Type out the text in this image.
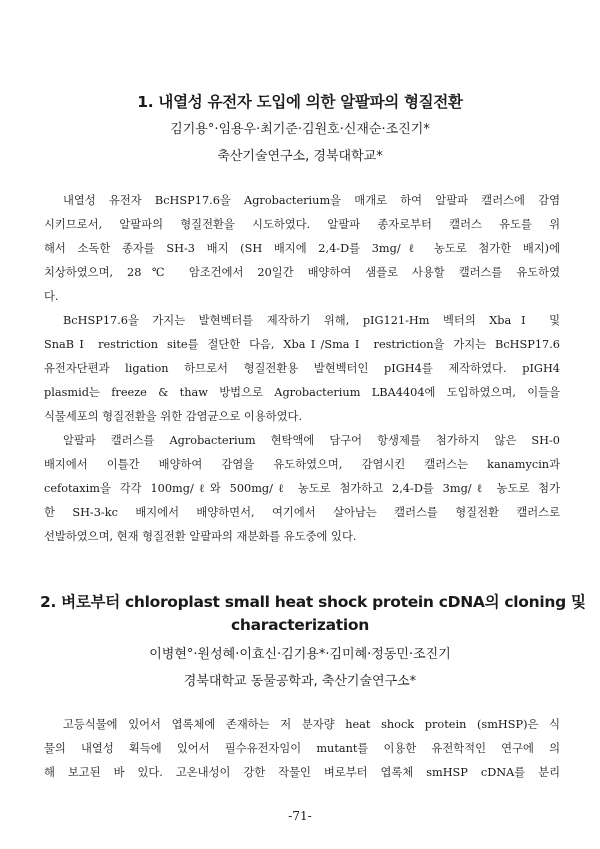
1. 내열성 유전자 도입에 의한 알팔파의 형질전환
김기용°·임용우·최기준·김원호·신재순·조진기*
축산기술연구소, 경북대학교*
내열성 유전자 BcHSP17.6을 Agrobacterium을 매개로 하여 알팔파 캘러스에 감염
시키므로서, 알팔파의 형질전환을 시도하였다. 알팔파 종자로부터 캘러스 유도를 위
해서 소독한 종자를 SH-3 배지 (SH 배지에 2,4-D를 3mg/ℓ 농도로 첨가한 배지)에
치상하였으며, 28℃ 암조건에서 20일간 배양하여 샘플로 사용할 캘러스를 유도하였
다.
BcHSP17.6을 가지는 발현벡터를 제작하기 위해, pIG121-Hm 벡터의 XbaⅠ 및
SnaBⅠ restriction site를 절단한 다음, XbaⅠ/SmaⅠ restriction을 가지는 BcHSP17.6
유전자단편과 ligation 하므로서 형질전환용 발현벡터인 pIGH4를 제작하였다. pIGH4
plasmid는 freeze & thaw 방법으로 Agrobacterium LBA4404에 도입하였으며, 이들을
식물세포의 형질전환을 위한 감염균으로 이용하였다.
알팔파 캘러스를 Agrobacterium 현탁액에 담구어 항생제를 첨가하지 않은 SH-0
배지에서 이틀간 배양하여 감염을 유도하였으며, 감염시킨 캘러스는 kanamycin과
cefotaxim을 각각 100mg/ℓ와 500mg/ℓ 농도로 첨가하고 2,4-D를 3mg/ℓ 농도로 첨가
한 SH-3-kc 배지에서 배양하면서, 여기에서 살아남는 캘러스를 형질전환 캘러스로
선발하였으며, 현재 형질전환 알팔파의 재분화를 유도중에 있다.
2. 벼로부터 chloroplast small heat shock protein cDNA의 cloning 및
characterization
이병현°·원성혜·이효신·김기용*·김미혜·정동민·조진기
경북대학교 동물공학과, 축산기술연구소*
고등식물에 있어서 엽록체에 존재하는 저 분자량 heat shock protein (smHSP)은 식
물의 내열성 획득에 있어서 필수유전자임이 mutant를 이용한 유전학적인 연구에 의
해 보고된 바 있다. 고온내성이 강한 작물인 벼로부터 엽록체 smHSP cDNA를 분리
-71-
